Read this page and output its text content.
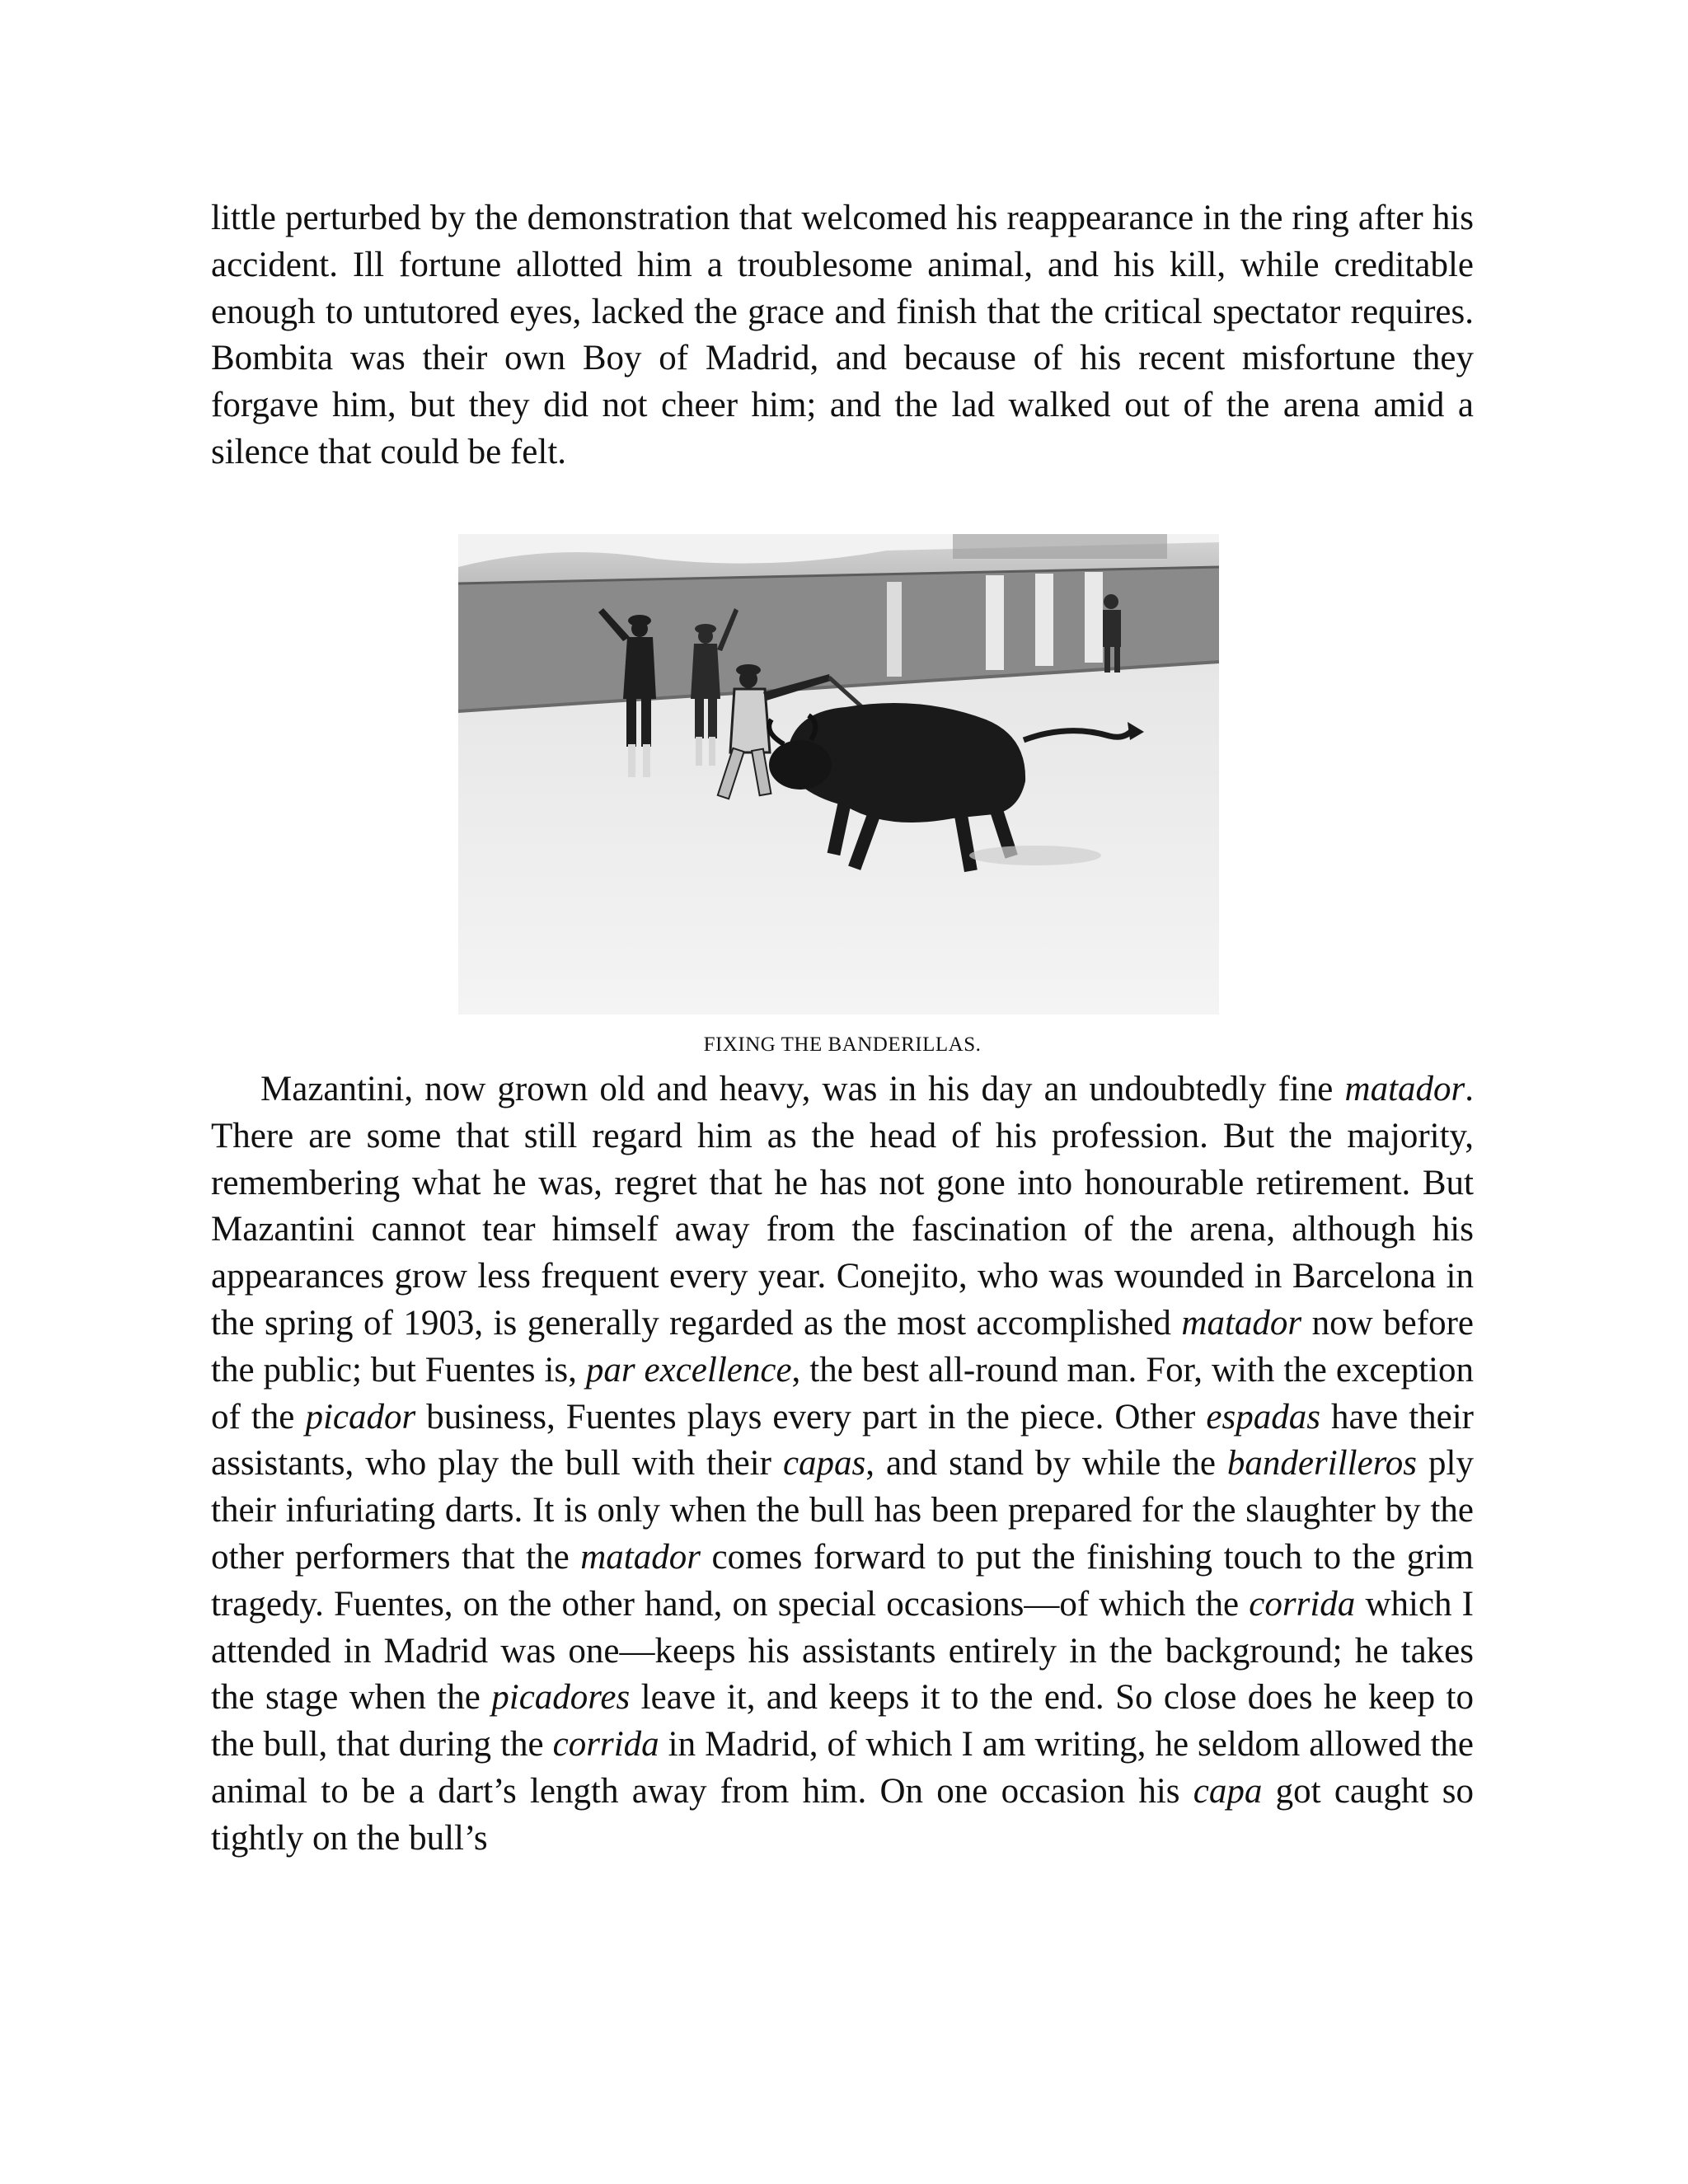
little perturbed by the demonstration that welcomed his reappearance in the ring after his accident. Ill fortune allotted him a troublesome animal, and his kill, while creditable enough to untutored eyes, lacked the grace and finish that the critical spectator requires. Bombita was their own Boy of Madrid, and because of his recent misfortune they forgave him, but they did not cheer him; and the lad walked out of the arena amid a silence that could be felt.

FIXING THE BANDERILLAS.

Mazantini, now grown old and heavy, was in his day an undoubtedly fine matador. There are some that still regard him as the head of his profession. But the majority, remembering what he was, regret that he has not gone into honourable retirement. But Mazantini cannot tear himself away from the fascination of the arena, although his appearances grow less frequent every year. Conejito, who was wounded in Barcelona in the spring of 1903, is generally regarded as the most accomplished matador now before the public; but Fuentes is, par excellence, the best all-round man. For, with the exception of the picador business, Fuentes plays every part in the piece. Other espadas have their assistants, who play the bull with their capas, and stand by while the banderilleros ply their infuriating darts. It is only when the bull has been prepared for the slaughter by the other performers that the matador comes forward to put the finishing touch to the grim tragedy. Fuentes, on the other hand, on special occasions—of which the corrida which I attended in Madrid was one—keeps his assistants entirely in the background; he takes the stage when the picadores leave it, and keeps it to the end. So close does he keep to the bull, that during the corrida in Madrid, of which I am writing, he seldom allowed the animal to be a dart’s length away from him. On one occasion his capa got caught so tightly on the bull’s
